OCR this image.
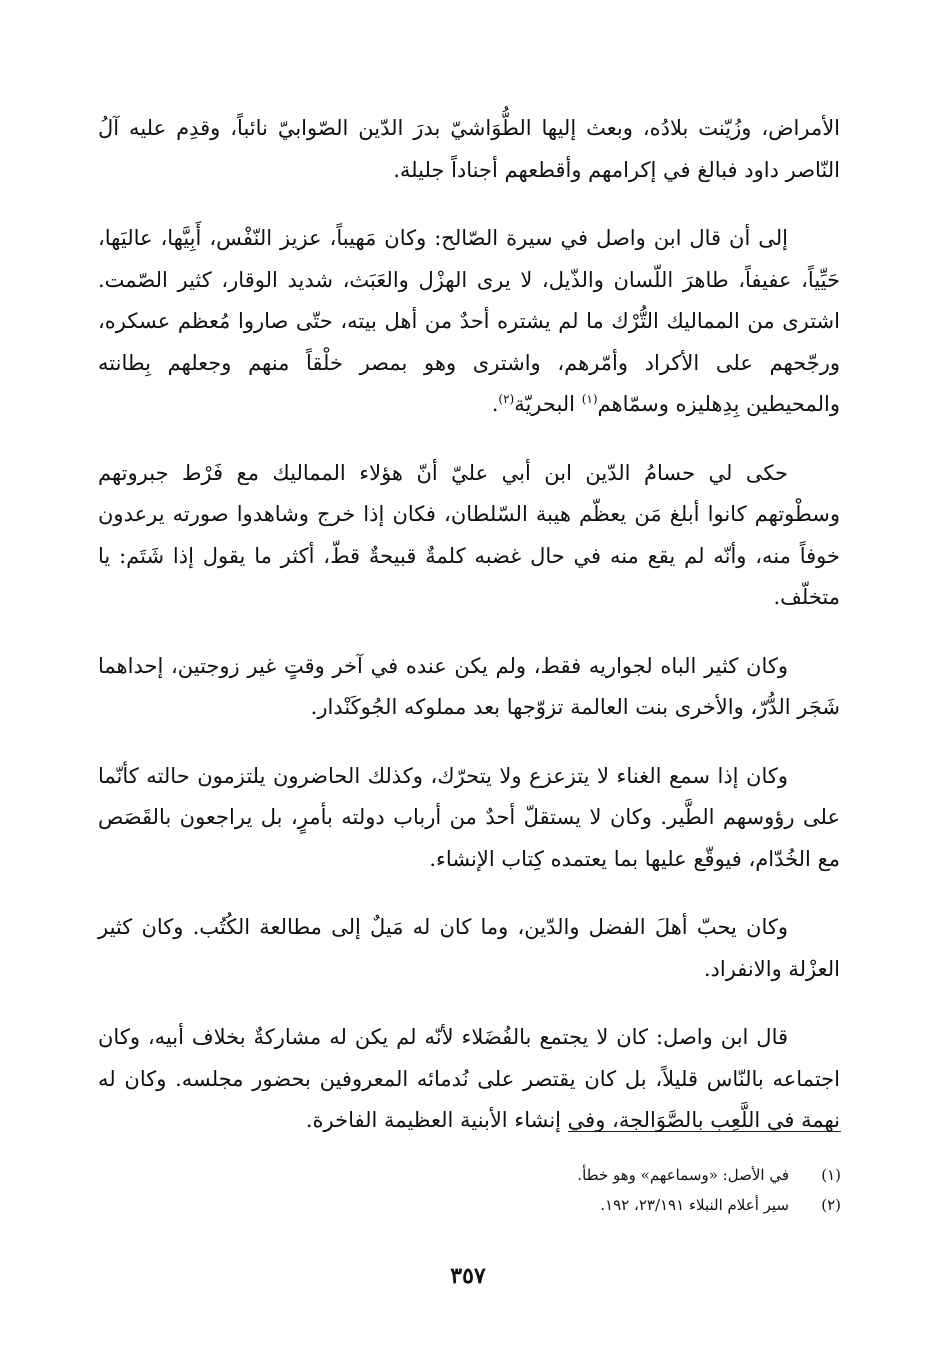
الأمراض، وزُيّنت بلادُه، وبعث إليها الطُّوَاشيّ بدرَ الدّين الصّوابيّ نائباً، وقدِم عليه آلُ النّاصر داود فبالغ في إكرامهم وأقطعهم أجناداً جليلة.

إلى أن قال ابن واصل في سيرة الصّالح: وكان مَهيباً، عزيز النّفْس، أَبِيَّها، عاليَها، حَيِّياً، عفيفاً، طاهرَ اللّسان والذّيل، لا يرى الهزْل والعَبَث، شديد الوقار، كثير الصّمت. اشترى من المماليك التُّرْك ما لم يشتره أحدٌ من أهل بيته، حتّى صاروا مُعظم عسكره، ورجّحهم على الأكراد وأمّرهم، واشترى وهو بمصر خلْقاً منهم وجعلهم بِطانته والمحيطين بِدِهليزه وسمّاهم$^{(١)}$ البحريّة$^{(٢)}$.

حكى لي حسامُ الدّين ابن أبي عليّ أنّ هؤلاء المماليك مع فَرْط جبروتهم وسطْوتهم كانوا أبلغ مَن يعظّم هيبة السّلطان، فكان إذا خرج وشاهدوا صورته يرعدون خوفاً منه، وأنّه لم يقع منه في حال غضبه كلمةٌ قبيحةٌ قطّ، أكثر ما يقول إذا شَتَم: يا متخلّف.

وكان كثير الباه لجواريه فقط، ولم يكن عنده في آخر وقتٍ غير زوجتين، إحداهما شَجَر الدُّرّ، والأخرى بنت العالمة تزوّجها بعد مملوكه الجُوكَنْدار.

وكان إذا سمع الغناء لا يتزعزع ولا يتحرّك، وكذلك الحاضرون يلتزمون حالته كأنّما على رؤوسهم الطَّير. وكان لا يستقلّ أحدٌ من أرباب دولته بأمرٍ، بل يراجعون بالقَصَص مع الخُدّام، فيوقّع عليها بما يعتمده كِتاب الإنشاء.

وكان يحبّ أهلَ الفضل والدّين، وما كان له مَيلٌ إلى مطالعة الكُتُب. وكان كثير العزْلة والانفراد.

قال ابن واصل: كان لا يجتمع بالفُضَلاء لأنّه لم يكن له مشاركةٌ بخلاف أبيه، وكان اجتماعه بالنّاس قليلاً، بل كان يقتصر على نُدمائه المعروفين بحضور مجلسه. وكان له نهمة في اللَّعِب بالصَّوَالجة، وفي إنشاء الأبنية العظيمة الفاخرة.

(١)
في الأصل: «وسماعهم» وهو خطأ.

(٢)
سير أعلام النبلاء ٢٣/١٩١، ١٩٢.

٣٥٧
